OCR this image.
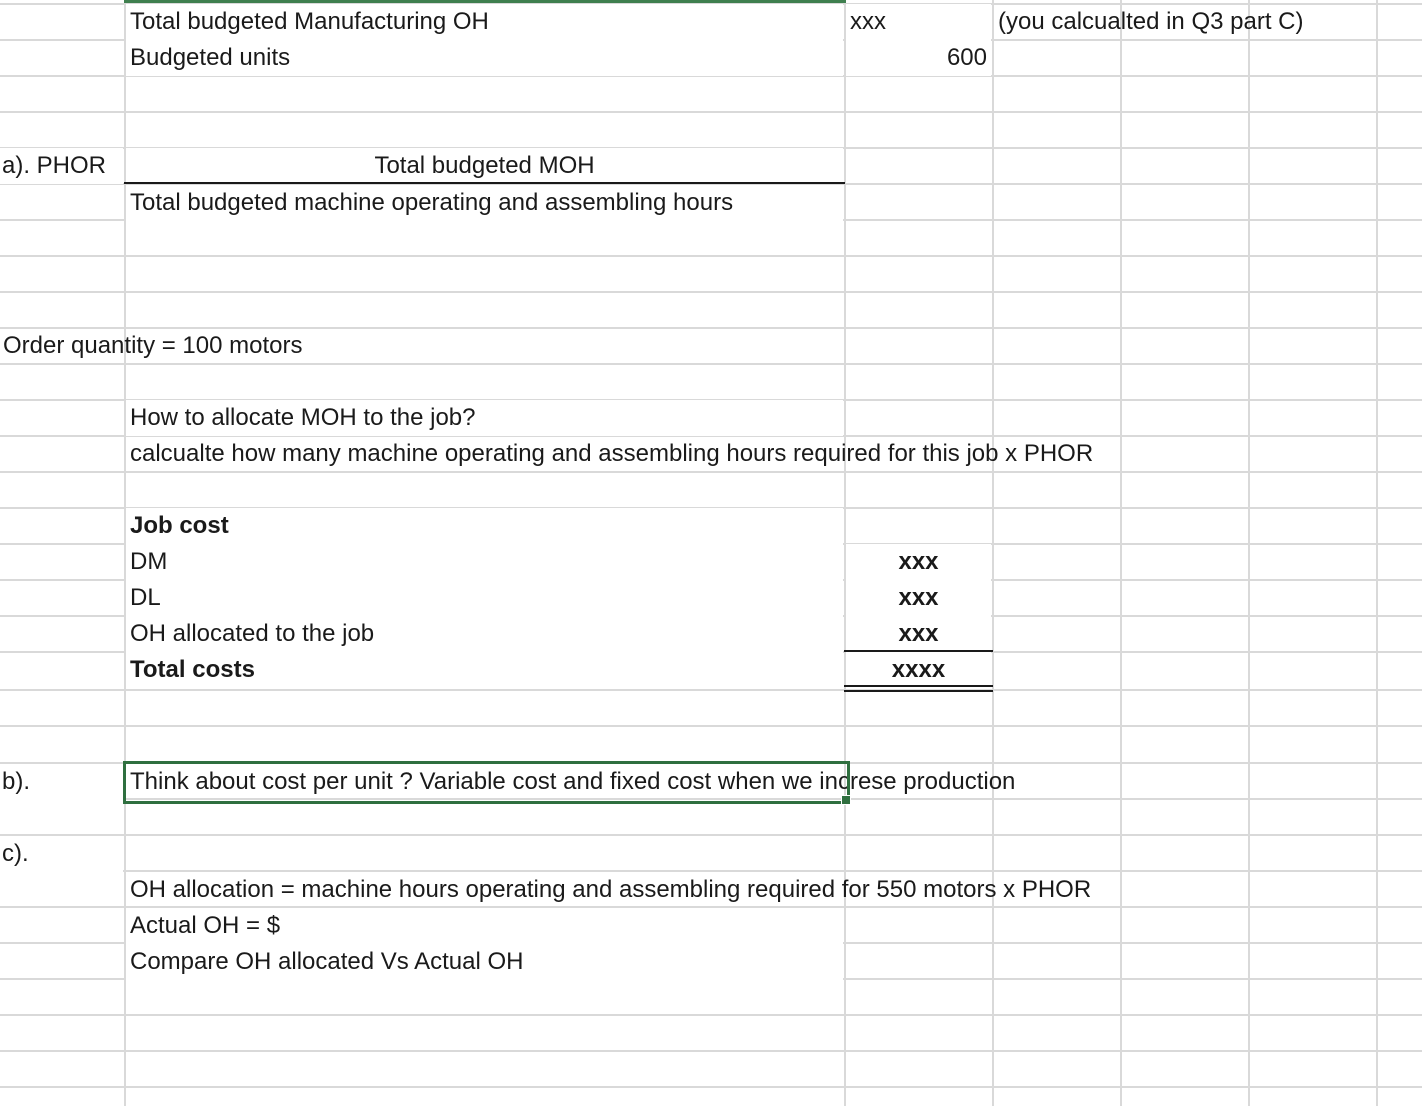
Total budgeted Manufacturing OH	xxx	(you calcualted in Q3 part C)
Budgeted units	600
a). PHOR	Total budgeted MOH
Total budgeted machine operating and assembling hours
Order quantity = 100 motors
How to allocate MOH to the job?
calcualte how many machine operating and assembling hours required for this job x PHOR
Job cost
DM	xxx
DL	xxx
OH allocated to the job	xxx
Total costs	xxxx
b).	Think about cost per unit ? Variable cost and fixed cost when we increse production
c).
OH allocation = machine hours operating and assembling required for 550 motors x PHOR
Actual OH = $
Compare OH allocated Vs Actual OH
